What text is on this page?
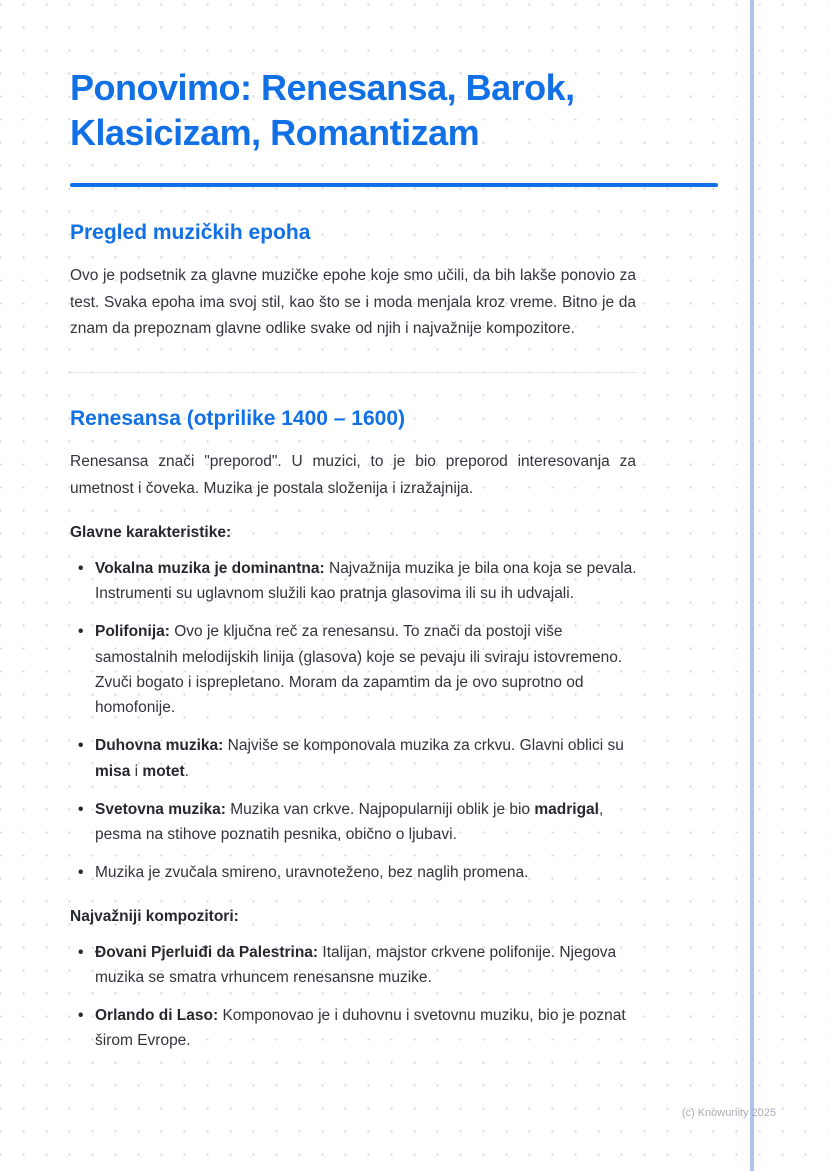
Ponovimo: Renesansa, Barok, Klasicizam, Romantizam
Pregled muzičkih epoha

Ovo je podsetnik za glavne muzičke epohe koje smo učili, da bih lakše ponovio za test. Svaka epoha ima svoj stil, kao što se i moda menjala kroz vreme. Bitno je da znam da prepoznam glavne odlike svake od njih i najvažnije kompozitore.

Renesansa (otprilike 1400 – 1600)

Renesansa znači "preporod". U muzici, to je bio preporod interesovanja za umetnost i čoveka. Muzika je postala složenija i izražajnija.

Glavne karakteristike:

• Vokalna muzika je dominantna: Najvažnija muzika je bila ona koja se pevala. Instrumenti su uglavnom služili kao pratnja glasovima ili su ih udvajali.
• Polifonija: Ovo je ključna reč za renesansu. To znači da postoji više samostalnih melodijskih linija (glasova) koje se pevaju ili sviraju istovremeno. Zvuči bogato i isprepletano. Moram da zapamtim da je ovo suprotno od homofonije.
• Duhovna muzika: Najviše se komponovala muzika za crkvu. Glavni oblici su misa i motet.
• Svetovna muzika: Muzika van crkve. Najpopularniji oblik je bio madrigal, pesma na stihove poznatih pesnika, obično o ljubavi.
• Muzika je zvučala smireno, uravnoteženo, bez naglih promena.

Najvažniji kompozitori:

• Đovani Pjerluiđi da Palestrina: Italijan, majstor crkvene polifonije. Njegova muzika se smatra vrhuncem renesansne muzike.
• Orlando di Laso: Komponovao je i duhovnu i svetovnu muziku, bio je poznat širom Evrope.
(c) Knowunity 2025
